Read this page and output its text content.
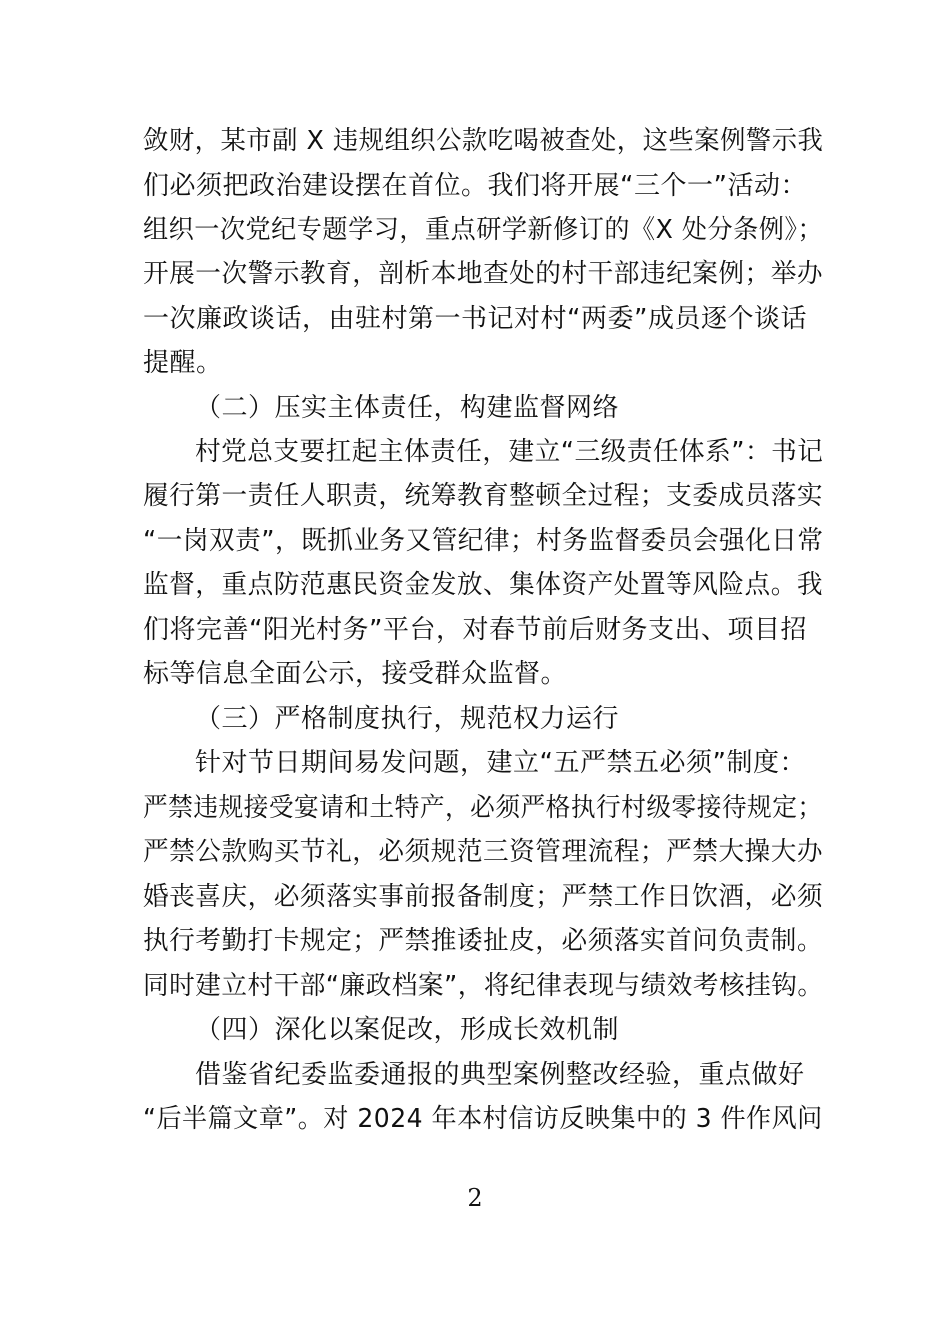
敛财，某市副 X 违规组织公款吃喝被查处，这些案例警示我
们必须把政治建设摆在首位。我们将开展“三个一”活动：
组织一次党纪专题学习，重点研学新修订的《X 处分条例》；
开展一次警示教育，剖析本地查处的村干部违纪案例；举办
一次廉政谈话，由驻村第一书记对村“两委”成员逐个谈话
提醒。
（二）压实主体责任，构建监督网络
村党总支要扛起主体责任，建立“三级责任体系”：书记
履行第一责任人职责，统筹教育整顿全过程；支委成员落实
“一岗双责”，既抓业务又管纪律；村务监督委员会强化日常
监督，重点防范惠民资金发放、集体资产处置等风险点。我
们将完善“阳光村务”平台，对春节前后财务支出、项目招
标等信息全面公示，接受群众监督。
（三）严格制度执行，规范权力运行
针对节日期间易发问题，建立“五严禁五必须”制度：
严禁违规接受宴请和土特产，必须严格执行村级零接待规定；
严禁公款购买节礼，必须规范三资管理流程；严禁大操大办
婚丧喜庆，必须落实事前报备制度；严禁工作日饮酒，必须
执行考勤打卡规定；严禁推诿扯皮，必须落实首问负责制。
同时建立村干部“廉政档案”，将纪律表现与绩效考核挂钩。
（四）深化以案促改，形成长效机制
借鉴省纪委监委通报的典型案例整改经验，重点做好
“后半篇文章”。对 2024 年本村信访反映集中的 3 件作风问
2
